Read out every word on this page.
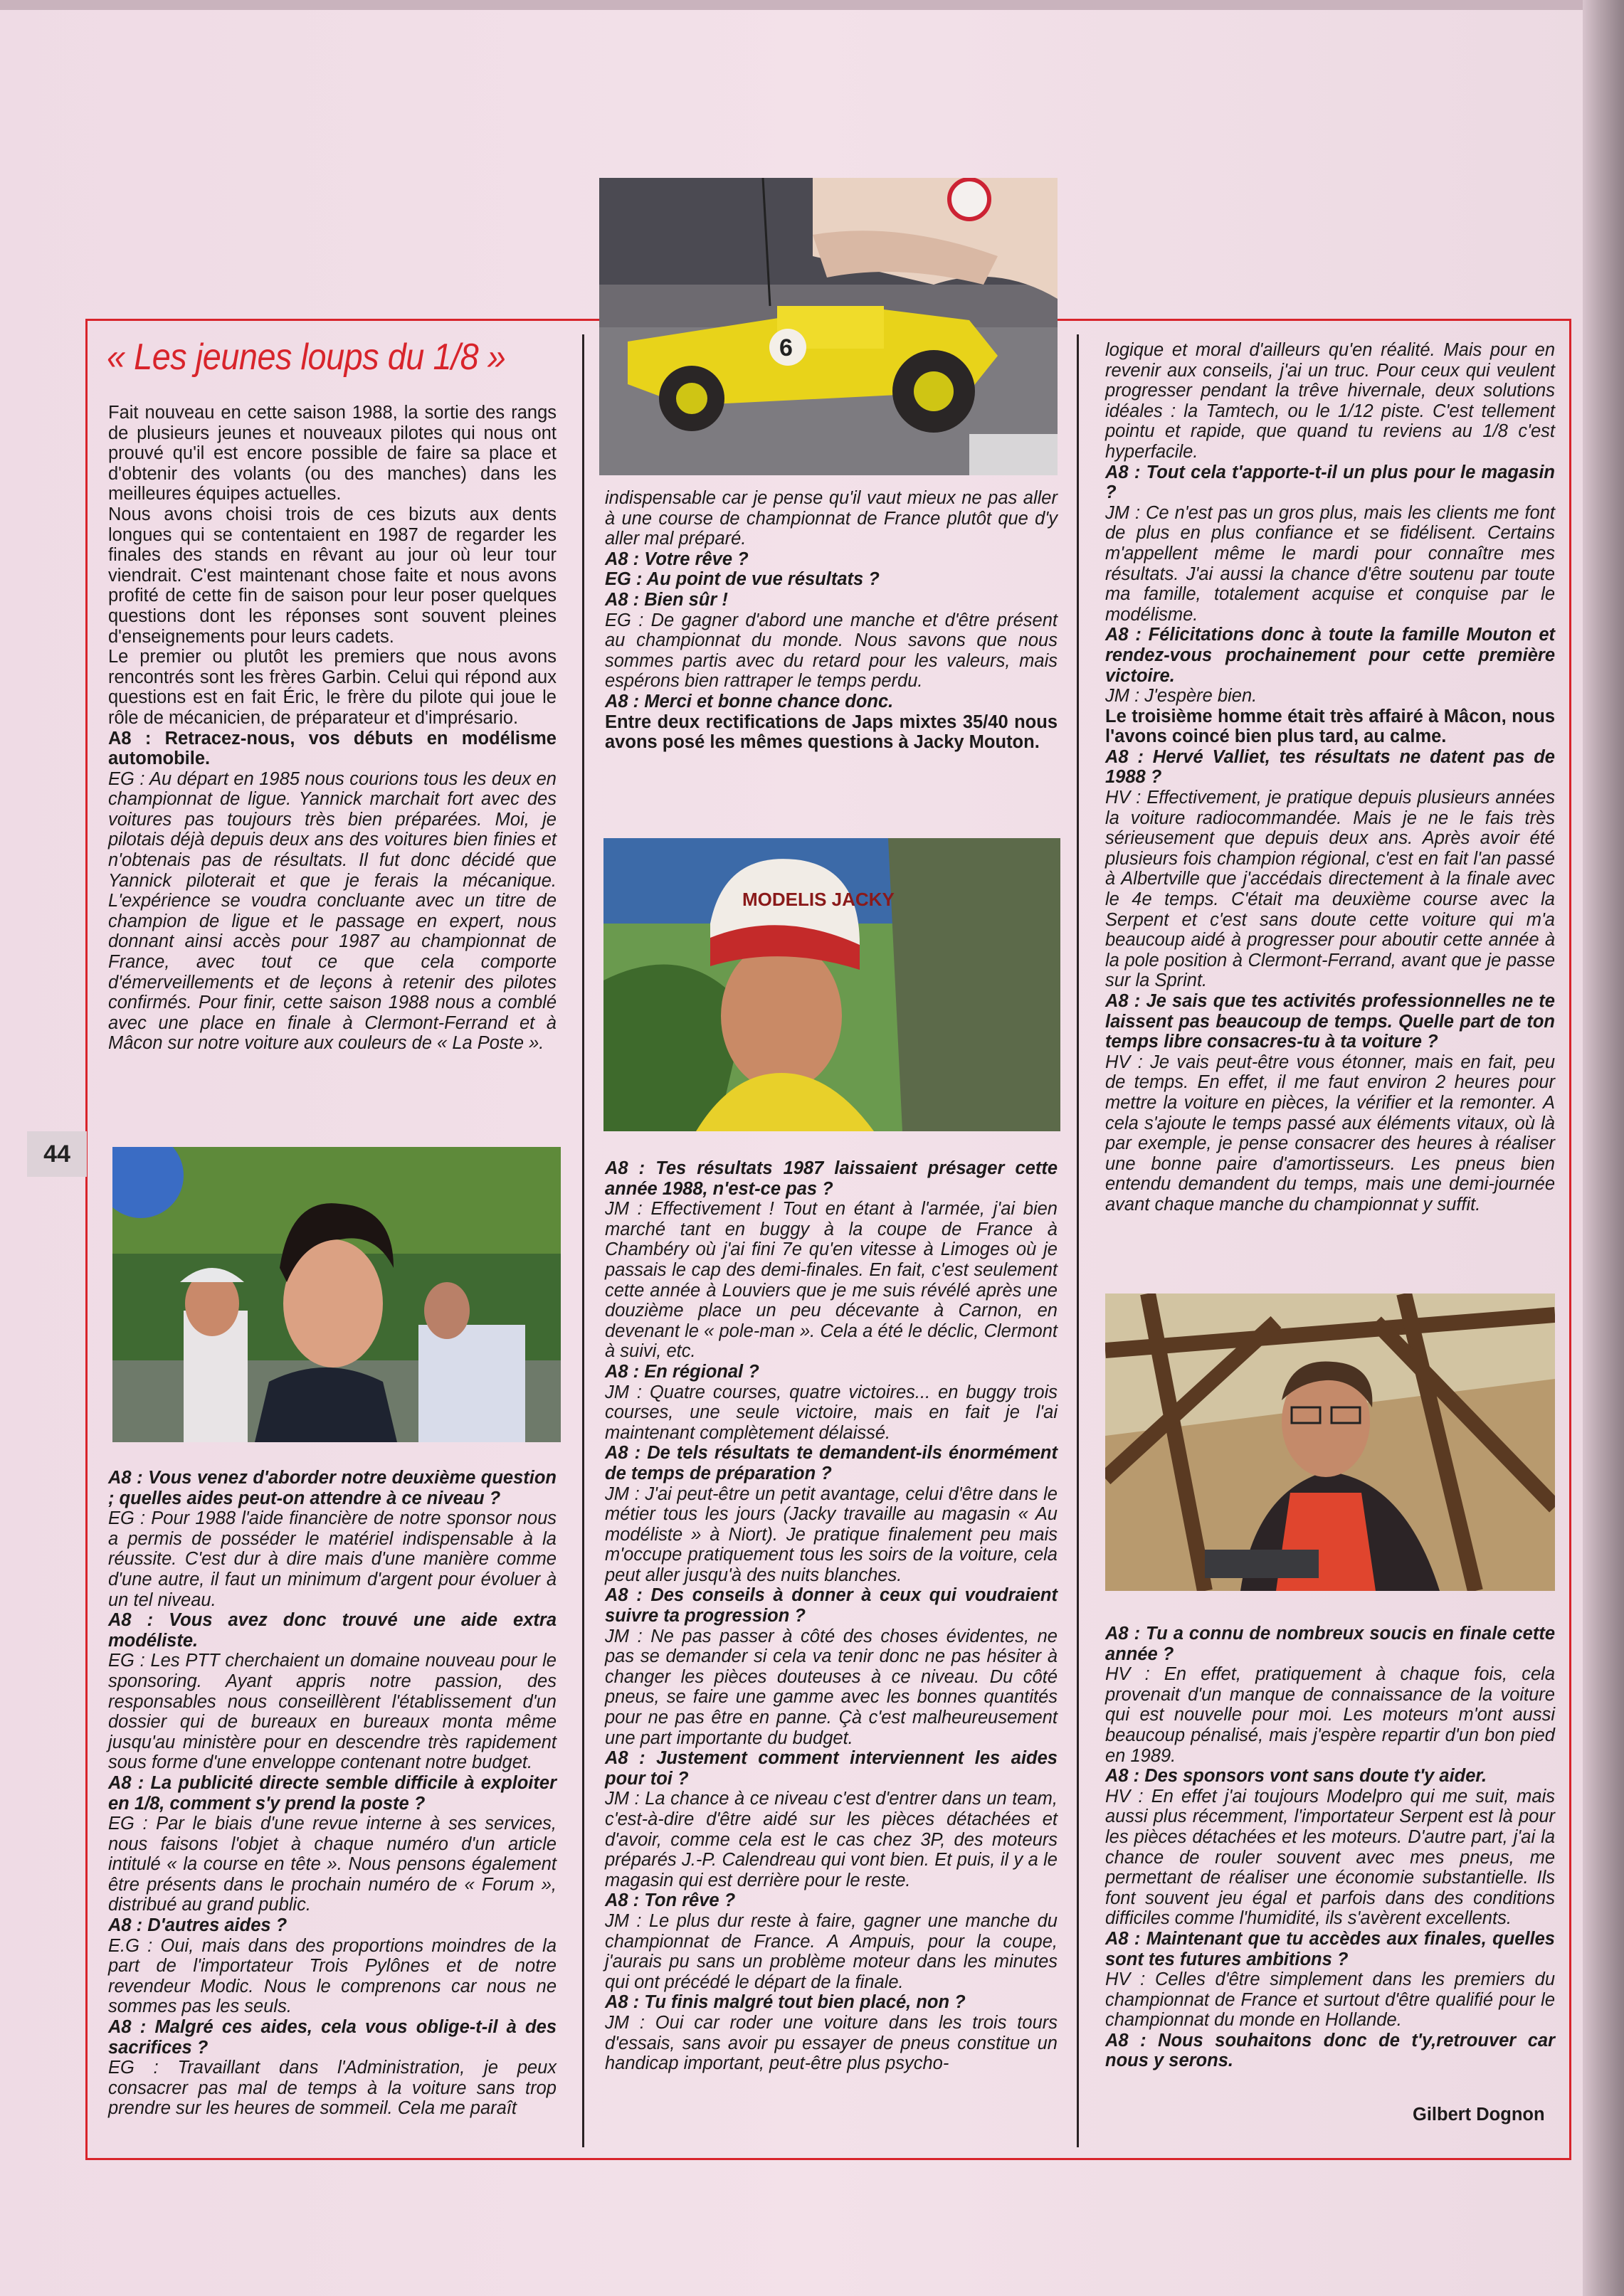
« Les jeunes loups du 1/8 »
44
6
MODELIS JACKY

Fait nouveau en cette saison 1988, la sortie des rangs de plusieurs jeunes et nouveaux pilotes qui nous ont prouvé qu'il est encore possible de faire sa place et d'obtenir des volants (ou des manches) dans les meilleures équipes actuelles.

Nous avons choisi trois de ces bizuts aux dents longues qui se contentaient en 1987 de regarder les finales des stands en rêvant au jour où leur tour viendrait. C'est maintenant chose faite et nous avons profité de cette fin de saison pour leur poser quelques questions dont les réponses sont souvent pleines d'enseignements pour leurs cadets.

Le premier ou plutôt les premiers que nous avons rencontrés sont les frères Garbin. Celui qui répond aux questions est en fait Éric, le frère du pilote qui joue le rôle de mécanicien, de préparateur et d'imprésario.

A8 : Retracez-nous, vos débuts en modélisme automobile.

EG : Au départ en 1985 nous courions tous les deux en championnat de ligue. Yannick marchait fort avec des voitures pas toujours très bien préparées. Moi, je pilotais déjà depuis deux ans des voitures bien finies et n'obtenais pas de résultats. Il fut donc décidé que Yannick piloterait et que je ferais la mécanique. L'expérience se voudra concluante avec un titre de champion de ligue et le passage en expert, nous donnant ainsi accès pour 1987 au championnat de France, avec tout ce que cela comporte d'émerveillements et de leçons à retenir des pilotes confirmés. Pour finir, cette saison 1988 nous a comblé avec une place en finale à Clermont-Ferrand et à Mâcon sur notre voiture aux couleurs de « La Poste ».

A8 : Vous venez d'aborder notre deuxième question ; quelles aides peut-on attendre à ce niveau ?

EG : Pour 1988 l'aide financière de notre sponsor nous a permis de posséder le matériel indispensable à la réussite. C'est dur à dire mais d'une manière comme d'une autre, il faut un minimum d'argent pour évoluer à un tel niveau.

A8 : Vous avez donc trouvé une aide extra modéliste.

EG : Les PTT cherchaient un domaine nouveau pour le sponsoring. Ayant appris notre passion, des responsables nous conseillèrent l'établissement d'un dossier qui de bureaux en bureaux monta même jusqu'au ministère pour en descendre très rapidement sous forme d'une enveloppe contenant notre budget.

A8 : La publicité directe semble difficile à exploiter en 1/8, comment s'y prend la poste ?

EG : Par le biais d'une revue interne à ses services, nous faisons l'objet à chaque numéro d'un article intitulé « la course en tête ». Nous pensons également être présents dans le prochain numéro de « Forum », distribué au grand public.

A8 : D'autres aides ?

E.G : Oui, mais dans des proportions moindres de la part de l'importateur Trois Pylônes et de notre revendeur Modic. Nous le comprenons car nous ne sommes pas les seuls.

A8 : Malgré ces aides, cela vous oblige-t-il à des sacrifices ?

EG : Travaillant dans l'Administration, je peux consacrer pas mal de temps à la voiture sans trop prendre sur les heures de sommeil. Cela me paraît

indispensable car je pense qu'il vaut mieux ne pas aller à une course de championnat de France plutôt que d'y aller mal préparé.

A8 : Votre rêve ?

EG : Au point de vue résultats ?

A8 : Bien sûr !

EG : De gagner d'abord une manche et d'être présent au championnat du monde. Nous savons que nous sommes partis avec du retard pour les valeurs, mais espérons bien rattraper le temps perdu.

A8 : Merci et bonne chance donc.

Entre deux rectifications de Japs mixtes 35/40 nous avons posé les mêmes questions à Jacky Mouton.

A8 : Tes résultats 1987 laissaient présager cette année 1988, n'est-ce pas ?

JM : Effectivement ! Tout en étant à l'armée, j'ai bien marché tant en buggy à la coupe de France à Chambéry où j'ai fini 7e qu'en vitesse à Limoges où je passais le cap des demi-finales. En fait, c'est seulement cette année à Louviers que je me suis révélé après une douzième place un peu décevante à Carnon, en devenant le « pole-man ». Cela a été le déclic, Clermont à suivi, etc.

A8 : En régional ?

JM : Quatre courses, quatre victoires... en buggy trois courses, une seule victoire, mais en fait je l'ai maintenant complètement délaissé.

A8 : De tels résultats te demandent-ils énormément de temps de préparation ?

JM : J'ai peut-être un petit avantage, celui d'être dans le métier tous les jours (Jacky travaille au magasin « Au modéliste » à Niort). Je pratique finalement peu mais m'occupe pratiquement tous les soirs de la voiture, cela peut aller jusqu'à des nuits blanches.

A8 : Des conseils à donner à ceux qui voudraient suivre ta progression ?

JM : Ne pas passer à côté des choses évidentes, ne pas se demander si cela va tenir donc ne pas hésiter à changer les pièces douteuses à ce niveau. Du côté pneus, se faire une gamme avec les bonnes quantités pour ne pas être en panne. Çà c'est malheureusement une part importante du budget.

A8 : Justement comment interviennent les aides pour toi ?

JM : La chance à ce niveau c'est d'entrer dans un team, c'est-à-dire d'être aidé sur les pièces détachées et d'avoir, comme cela est le cas chez 3P, des moteurs préparés J.-P. Calendreau qui vont bien. Et puis, il y a le magasin qui est derrière pour le reste.

A8 : Ton rêve ?

JM : Le plus dur reste à faire, gagner une manche du championnat de France. A Ampuis, pour la coupe, j'aurais pu sans un problème moteur dans les minutes qui ont précédé le départ de la finale.

A8 : Tu finis malgré tout bien placé, non ?

JM : Oui car roder une voiture dans les trois tours d'essais, sans avoir pu essayer de pneus constitue un handicap important, peut-être plus psycho-

logique et moral d'ailleurs qu'en réalité. Mais pour en revenir aux conseils, j'ai un truc. Pour ceux qui veulent progresser pendant la trêve hivernale, deux solutions idéales : la Tamtech, ou le 1/12 piste. C'est tellement pointu et rapide, que quand tu reviens au 1/8 c'est hyperfacile.

A8 : Tout cela t'apporte-t-il un plus pour le magasin ?

JM : Ce n'est pas un gros plus, mais les clients me font de plus en plus confiance et se fidélisent. Certains m'appellent même le mardi pour connaître mes résultats. J'ai aussi la chance d'être soutenu par toute ma famille, totalement acquise et conquise par le modélisme.

A8 : Félicitations donc à toute la famille Mouton et rendez-vous prochainement pour cette première victoire.

JM : J'espère bien.

Le troisième homme était très affairé à Mâcon, nous l'avons coincé bien plus tard, au calme.

A8 : Hervé Valliet, tes résultats ne datent pas de 1988 ?

HV : Effectivement, je pratique depuis plusieurs années la voiture radiocommandée. Mais je ne le fais très sérieusement que depuis deux ans. Après avoir été plusieurs fois champion régional, c'est en fait l'an passé à Albertville que j'accédais directement à la finale avec le 4e temps. C'était ma deuxième course avec la Serpent et c'est sans doute cette voiture qui m'a beaucoup aidé à progresser pour aboutir cette année à la pole position à Clermont-Ferrand, avant que je passe sur la Sprint.

A8 : Je sais que tes activités professionnelles ne te laissent pas beaucoup de temps. Quelle part de ton temps libre consacres-tu à ta voiture ?

HV : Je vais peut-être vous étonner, mais en fait, peu de temps. En effet, il me faut environ 2 heures pour mettre la voiture en pièces, la vérifier et la remonter. A cela s'ajoute le temps passé aux éléments vitaux, où là par exemple, je pense consacrer des heures à réaliser une bonne paire d'amortisseurs. Les pneus bien entendu demandent du temps, mais une demi-journée avant chaque manche du championnat y suffit.

A8 : Tu a connu de nombreux soucis en finale cette année ?

HV : En effet, pratiquement à chaque fois, cela provenait d'un manque de connaissance de la voiture qui est nouvelle pour moi. Les moteurs m'ont aussi beaucoup pénalisé, mais j'espère repartir d'un bon pied en 1989.

A8 : Des sponsors vont sans doute t'y aider.

HV : En effet j'ai toujours Modelpro qui me suit, mais aussi plus récemment, l'importateur Serpent est là pour les pièces détachées et les moteurs. D'autre part, j'ai la chance de rouler souvent avec mes pneus, me permettant de réaliser une économie substantielle. Ils font souvent jeu égal et parfois dans des conditions difficiles comme l'humidité, ils s'avèrent excellents.

A8 : Maintenant que tu accèdes aux finales, quelles sont tes futures ambitions ?

HV : Celles d'être simplement dans les premiers du championnat de France et surtout d'être qualifié pour le championnat du monde en Hollande.

A8 : Nous souhaitons donc de t'y,retrouver car nous y serons.

Gilbert Dognon
